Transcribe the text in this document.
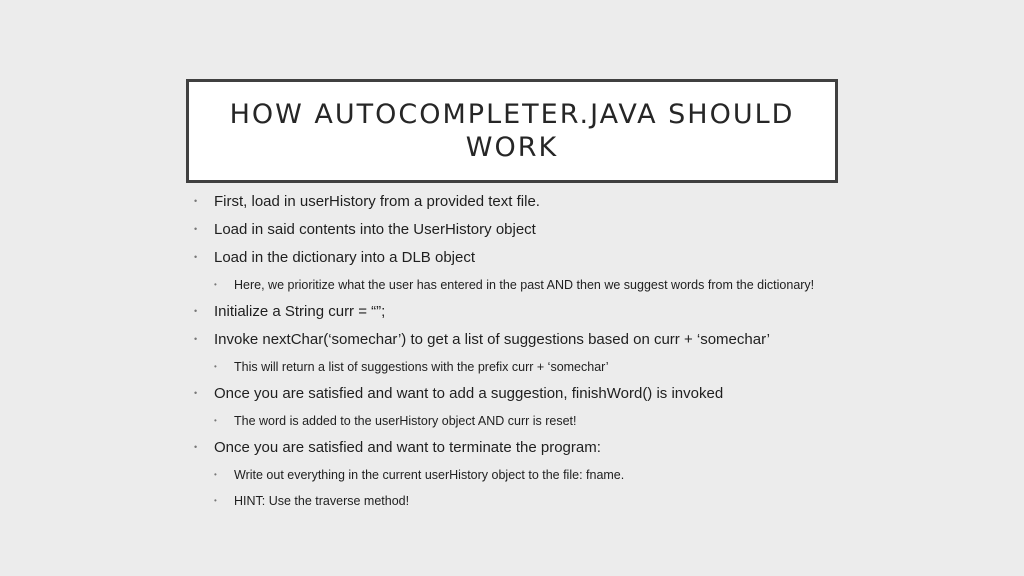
HOW AUTOCOMPLETER.JAVA SHOULD WORK
•	First, load in userHistory from a provided text file.
•	Load in said contents into the UserHistory object
•	Load in the dictionary into a DLB object
•	Here, we prioritize what the user has entered in the past AND then we suggest words from the dictionary!
•	Initialize a String curr = “”;
•	Invoke nextChar(‘somechar’) to get a list of suggestions based on curr + ‘somechar’
•	This will return a list of suggestions with the prefix curr + ‘somechar’
•	Once you are satisfied and want to add a suggestion, finishWord() is invoked
•	The word is added to the userHistory object AND curr is reset!
•	Once you are satisfied and want to terminate the program:
•	Write out everything in the current userHistory object to the file: fname.
•	HINT: Use the traverse method!
